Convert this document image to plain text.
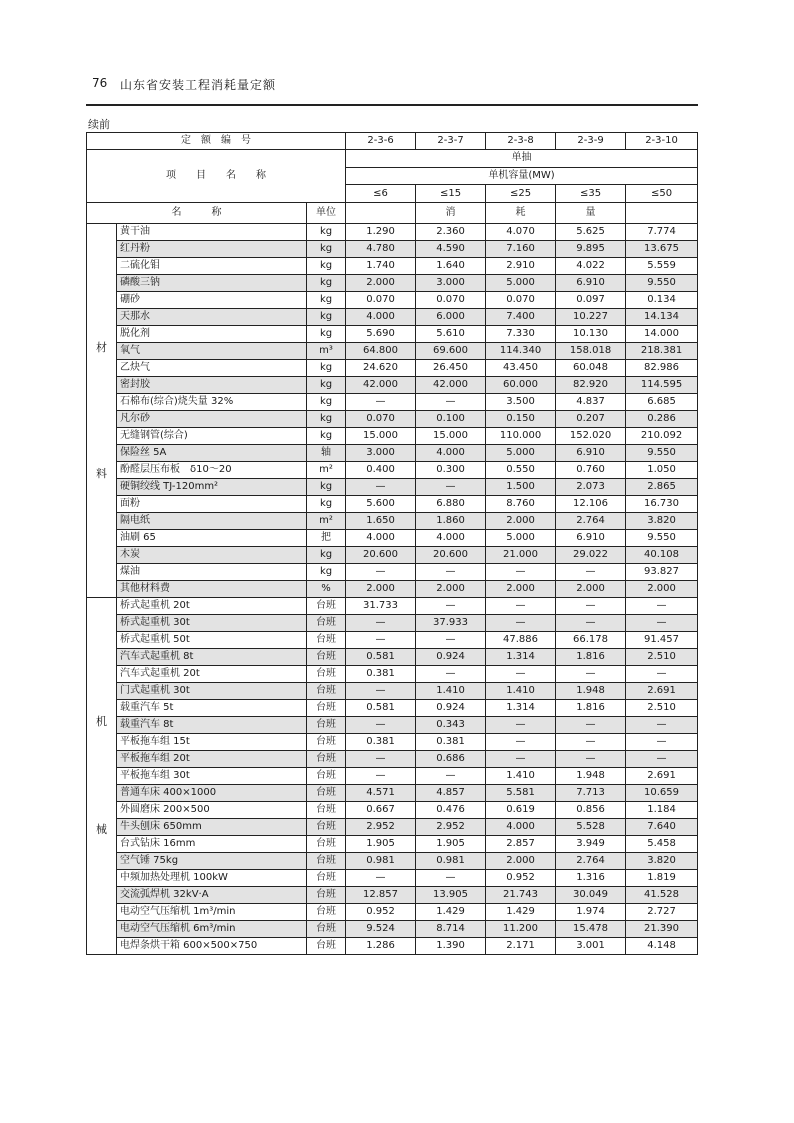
76 山东省安装工程消耗量定额
续前
定　额　编　号			2-3-6	2-3-7	2-3-8	2-3-9	2-3-10
项　　目　　名　　称			单抽				
			单机容量(MW)				
			≤6	≤15	≤25	≤35	≤50
名　　　称		单位		消	耗	量	

材
料	黄干油	kg	1.290	2.360	4.070	5.625	7.774
	红丹粉	kg	4.780	4.590	7.160	9.895	13.675
	二硫化钼	kg	1.740	1.640	2.910	4.022	5.559
	磷酸三钠	kg	2.000	3.000	5.000	6.910	9.550
	硼砂	kg	0.070	0.070	0.070	0.097	0.134
	天那水	kg	4.000	6.000	7.400	10.227	14.134
	脱化剂	kg	5.690	5.610	7.330	10.130	14.000
	氧气	m³	64.800	69.600	114.340	158.018	218.381
	乙炔气	kg	24.620	26.450	43.450	60.048	82.986
	密封胶	kg	42.000	42.000	60.000	82.920	114.595
	石棉布(综合)烧失量 32%	kg	—	—	3.500	4.837	6.685
	凡尔砂	kg	0.070	0.100	0.150	0.207	0.286
	无缝钢管(综合)	kg	15.000	15.000	110.000	152.020	210.092
	保险丝 5A	轴	3.000	4.000	5.000	6.910	9.550
	酚醛层压布板　δ10～20	m²	0.400	0.300	0.550	0.760	1.050
	硬铜绞线 TJ-120mm²	kg	—	—	1.500	2.073	2.865
	面粉	kg	5.600	6.880	8.760	12.106	16.730
	隔电纸	m²	1.650	1.860	2.000	2.764	3.820
	油刷 65	把	4.000	4.000	5.000	6.910	9.550
	木炭	kg	20.600	20.600	21.000	29.022	40.108
	煤油	kg	—	—	—	—	93.827
	其他材料费	%	2.000	2.000	2.000	2.000	2.000

机
械	桥式起重机 20t	台班	31.733	—	—	—	—
	桥式起重机 30t	台班	—	37.933	—	—	—
	桥式起重机 50t	台班	—	—	47.886	66.178	91.457
	汽车式起重机 8t	台班	0.581	0.924	1.314	1.816	2.510
	汽车式起重机 20t	台班	0.381	—	—	—	—
	门式起重机 30t	台班	—	1.410	1.410	1.948	2.691
	载重汽车 5t	台班	0.581	0.924	1.314	1.816	2.510
	载重汽车 8t	台班	—	0.343	—	—	—
	平板拖车组 15t	台班	0.381	0.381	—	—	—
	平板拖车组 20t	台班	—	0.686	—	—	—
	平板拖车组 30t	台班	—	—	1.410	1.948	2.691
	普通车床 400×1000	台班	4.571	4.857	5.581	7.713	10.659
	外圆磨床 200×500	台班	0.667	0.476	0.619	0.856	1.184
	牛头刨床 650mm	台班	2.952	2.952	4.000	5.528	7.640
	台式钻床 16mm	台班	1.905	1.905	2.857	3.949	5.458
	空气锤 75kg	台班	0.981	0.981	2.000	2.764	3.820
	中频加热处理机 100kW	台班	—	—	0.952	1.316	1.819
	交流弧焊机 32kV·A	台班	12.857	13.905	21.743	30.049	41.528
	电动空气压缩机 1m³/min	台班	0.952	1.429	1.429	1.974	2.727
	电动空气压缩机 6m³/min	台班	9.524	8.714	11.200	15.478	21.390
	电焊条烘干箱 600×500×750	台班	1.286	1.390	2.171	3.001	4.148
